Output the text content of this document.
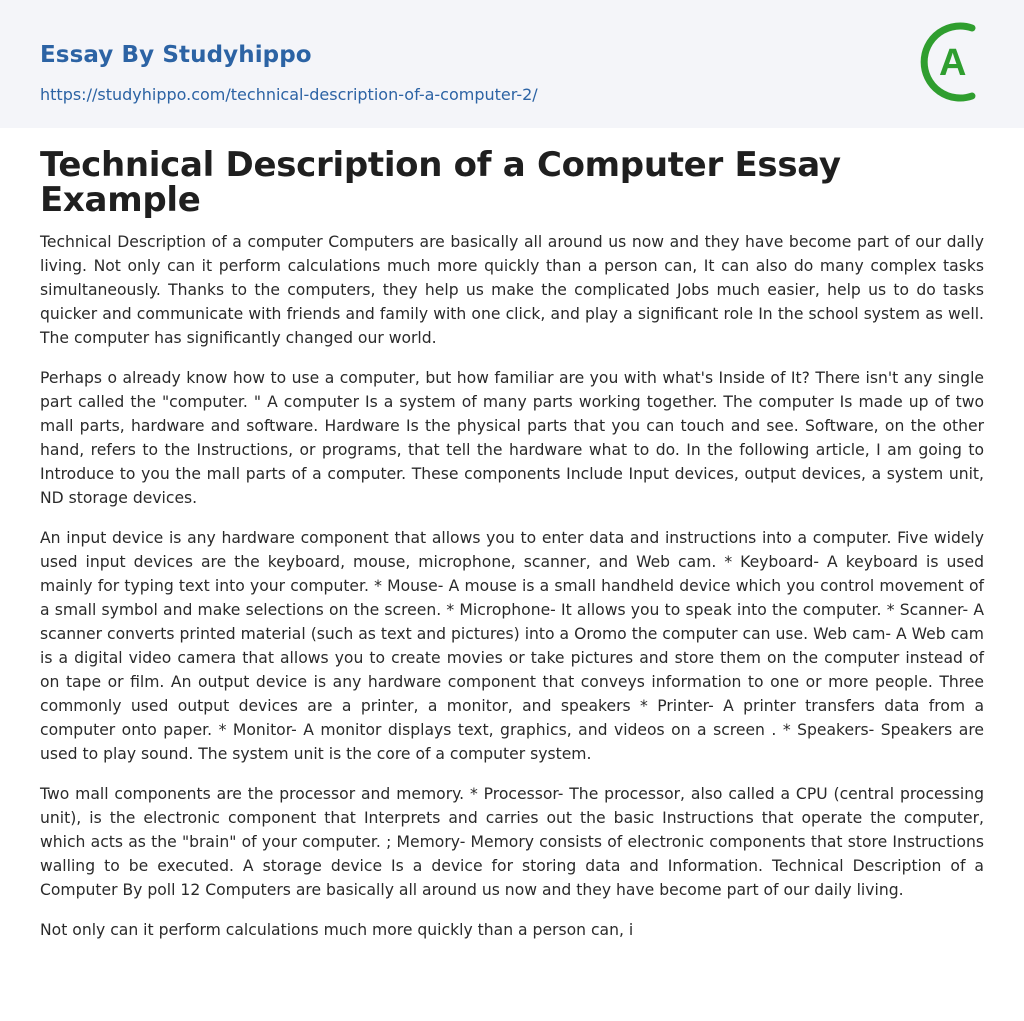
Essay By Studyhippo
https://studyhippo.com/technical-description-of-a-computer-2/
A
Technical Description of a Computer Essay Example

Technical Description of a computer Computers are basically all around us now and they have become part of our dally living. Not only can it perform calculations much more quickly than a person can, It can also do many complex tasks simultaneously. Thanks to the computers, they help us make the complicated Jobs much easier, help us to do tasks quicker and communicate with friends and family with one click, and play a significant role In the school system as well. The computer has significantly changed our world.

Perhaps o already know how to use a computer, but how familiar are you with what's Inside of It? There isn't any single part called the "computer. " A computer Is a system of many parts working together. The computer Is made up of two mall parts, hardware and software. Hardware Is the physical parts that you can touch and see. Software, on the other hand, refers to the Instructions, or programs, that tell the hardware what to do. In the following article, I am going to Introduce to you the mall parts of a computer. These components Include Input devices, output devices, a system unit, ND storage devices.

An input device is any hardware component that allows you to enter data and instructions into a computer. Five widely used input devices are the keyboard, mouse, microphone, scanner, and Web cam. * Keyboard- A keyboard is used mainly for typing text into your computer. * Mouse- A mouse is a small handheld device which you control movement of a small symbol and make selections on the screen. * Microphone- It allows you to speak into the computer. * Scanner- A scanner converts printed material (such as text and pictures) into a Oromo the computer can use. Web cam- A Web cam is a digital video camera that allows you to create movies or take pictures and store them on the computer instead of on tape or film. An output device is any hardware component that conveys information to one or more people. Three commonly used output devices are a printer, a monitor, and speakers * Printer- A printer transfers data from a computer onto paper. * Monitor- A monitor displays text, graphics, and videos on a screen . * Speakers- Speakers are used to play sound. The system unit is the core of a computer system.

Two mall components are the processor and memory. * Processor- The processor, also called a CPU (central processing unit), is the electronic component that Interprets and carries out the basic Instructions that operate the computer, which acts as the "brain" of your computer. ; Memory- Memory consists of electronic components that store Instructions walling to be executed. A storage device Is a device for storing data and Information. Technical Description of a Computer By poll 12 Computers are basically all around us now and they have become part of our daily living.

Not only can it perform calculations much more quickly than a person can, i
